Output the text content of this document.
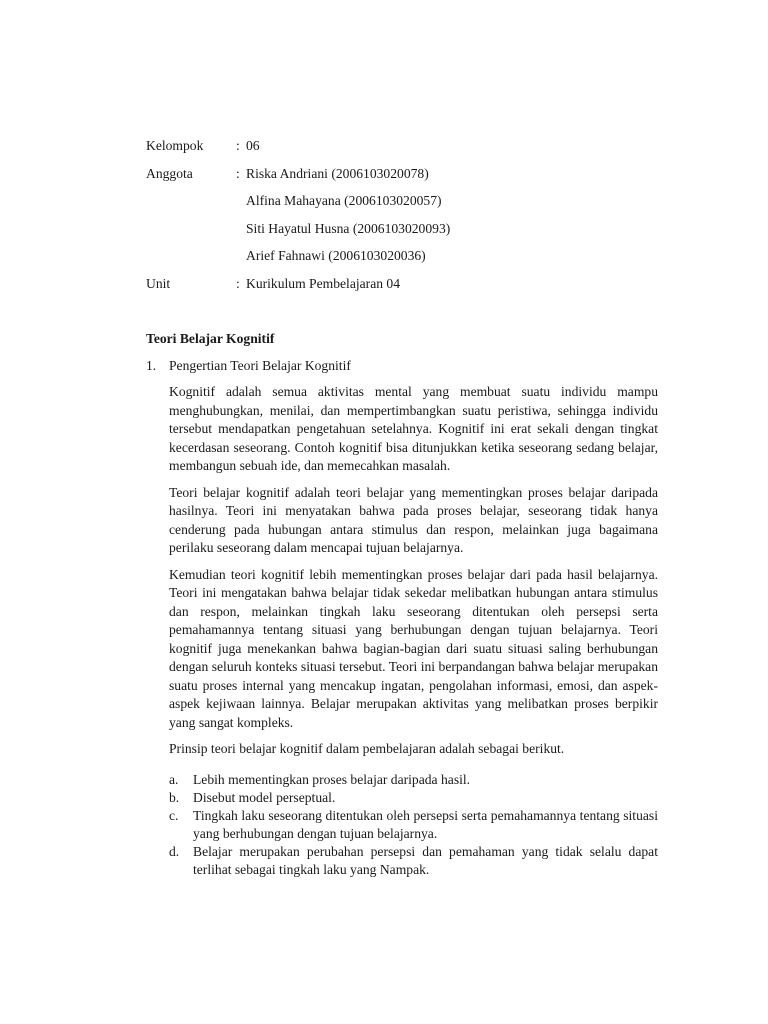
Kelompok	: 06
Anggota	: Riska Andriani (2006103020078)
Alfina Mahayana (2006103020057)
Siti Hayatul Husna (2006103020093)
Arief Fahnawi (2006103020036)
Unit	: Kurikulum Pembelajaran 04
Teori Belajar Kognitif
1. Pengertian Teori Belajar Kognitif

Kognitif adalah semua aktivitas mental yang membuat suatu individu mampu menghubungkan, menilai, dan mempertimbangkan suatu peristiwa, sehingga individu tersebut mendapatkan pengetahuan setelahnya. Kognitif ini erat sekali dengan tingkat kecerdasan seseorang. Contoh kognitif bisa ditunjukkan ketika seseorang sedang belajar, membangun sebuah ide, dan memecahkan masalah.

Teori belajar kognitif adalah teori belajar yang mementingkan proses belajar daripada hasilnya. Teori ini menyatakan bahwa pada proses belajar, seseorang tidak hanya cenderung pada hubungan antara stimulus dan respon, melainkan juga bagaimana perilaku seseorang dalam mencapai tujuan belajarnya.

Kemudian teori kognitif lebih mementingkan proses belajar dari pada hasil belajarnya. Teori ini mengatakan bahwa belajar tidak sekedar melibatkan hubungan antara stimulus dan respon, melainkan tingkah laku seseorang ditentukan oleh persepsi serta pemahamannya tentang situasi yang berhubungan dengan tujuan belajarnya. Teori kognitif juga menekankan bahwa bagian-bagian dari suatu situasi saling berhubungan dengan seluruh konteks situasi tersebut. Teori ini berpandangan bahwa belajar merupakan suatu proses internal yang mencakup ingatan, pengolahan informasi, emosi, dan aspek-aspek kejiwaan lainnya. Belajar merupakan aktivitas yang melibatkan proses berpikir yang sangat kompleks.

Prinsip teori belajar kognitif dalam pembelajaran adalah sebagai berikut.

a.	Lebih mementingkan proses belajar daripada hasil.
b.	Disebut model perseptual.
c.	Tingkah laku seseorang ditentukan oleh persepsi serta pemahamannya tentang situasi yang berhubungan dengan tujuan belajarnya.
d.	Belajar merupakan perubahan persepsi dan pemahaman yang tidak selalu dapat terlihat sebagai tingkah laku yang Nampak.
